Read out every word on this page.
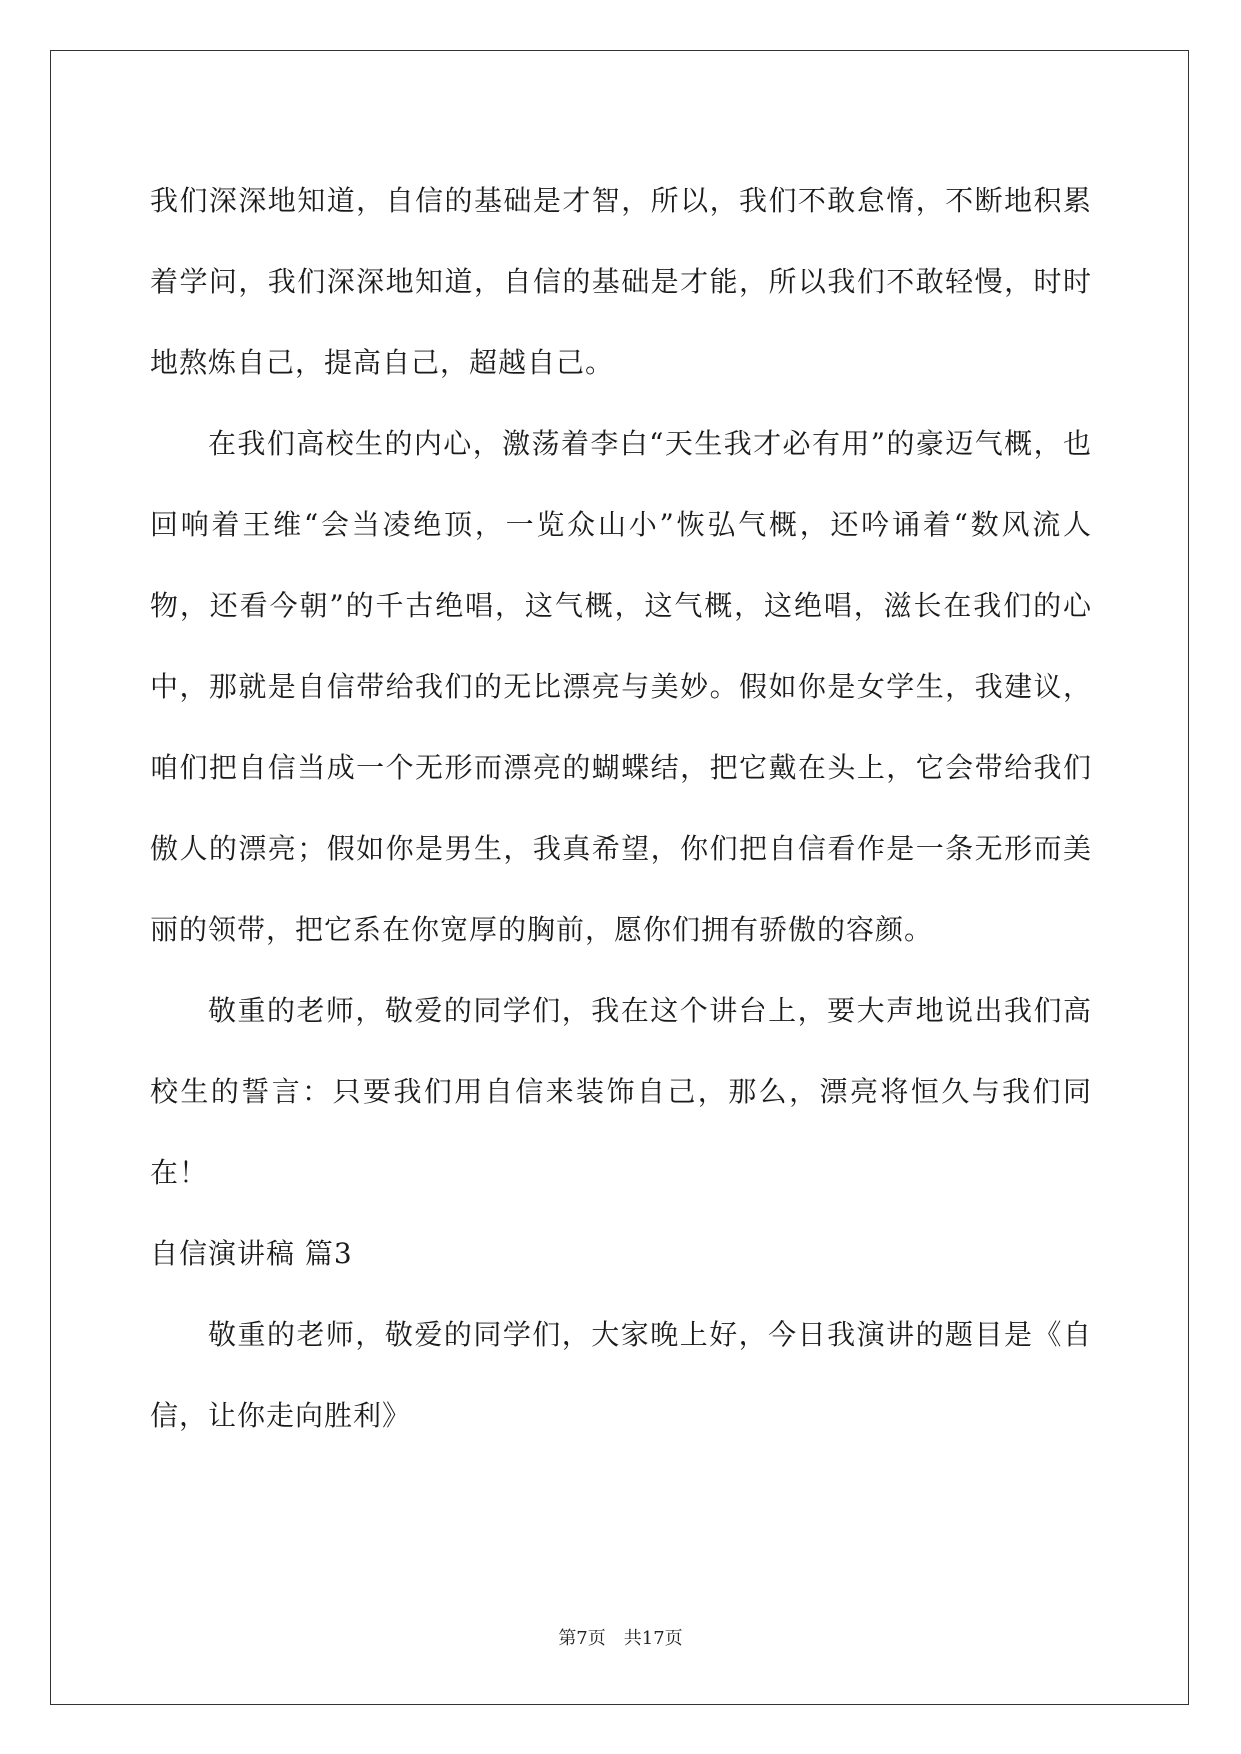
我们深深地知道，自信的基础是才智，所以，我们不敢怠惰，不断地积累着学问，我们深深地知道，自信的基础是才能，所以我们不敢轻慢，时时地熬炼自己，提高自己，超越自己。

在我们高校生的内心，激荡着李白“天生我才必有用”的豪迈气概，也回响着王维“会当凌绝顶，一览众山小”恢弘气概，还吟诵着“数风流人物，还看今朝”的千古绝唱，这气概，这气概，这绝唱，滋长在我们的心中，那就是自信带给我们的无比漂亮与美妙。假如你是女学生，我建议，咱们把自信当成一个无形而漂亮的蝴蝶结，把它戴在头上，它会带给我们傲人的漂亮；假如你是男生，我真希望，你们把自信看作是一条无形而美丽的领带，把它系在你宽厚的胸前，愿你们拥有骄傲的容颜。

敬重的老师，敬爱的同学们，我在这个讲台上，要大声地说出我们高校生的誓言：只要我们用自信来装饰自己，那么，漂亮将恒久与我们同在！

自信演讲稿 篇3

敬重的老师，敬爱的同学们，大家晚上好，今日我演讲的题目是《自信，让你走向胜利》

第7页 共17页
